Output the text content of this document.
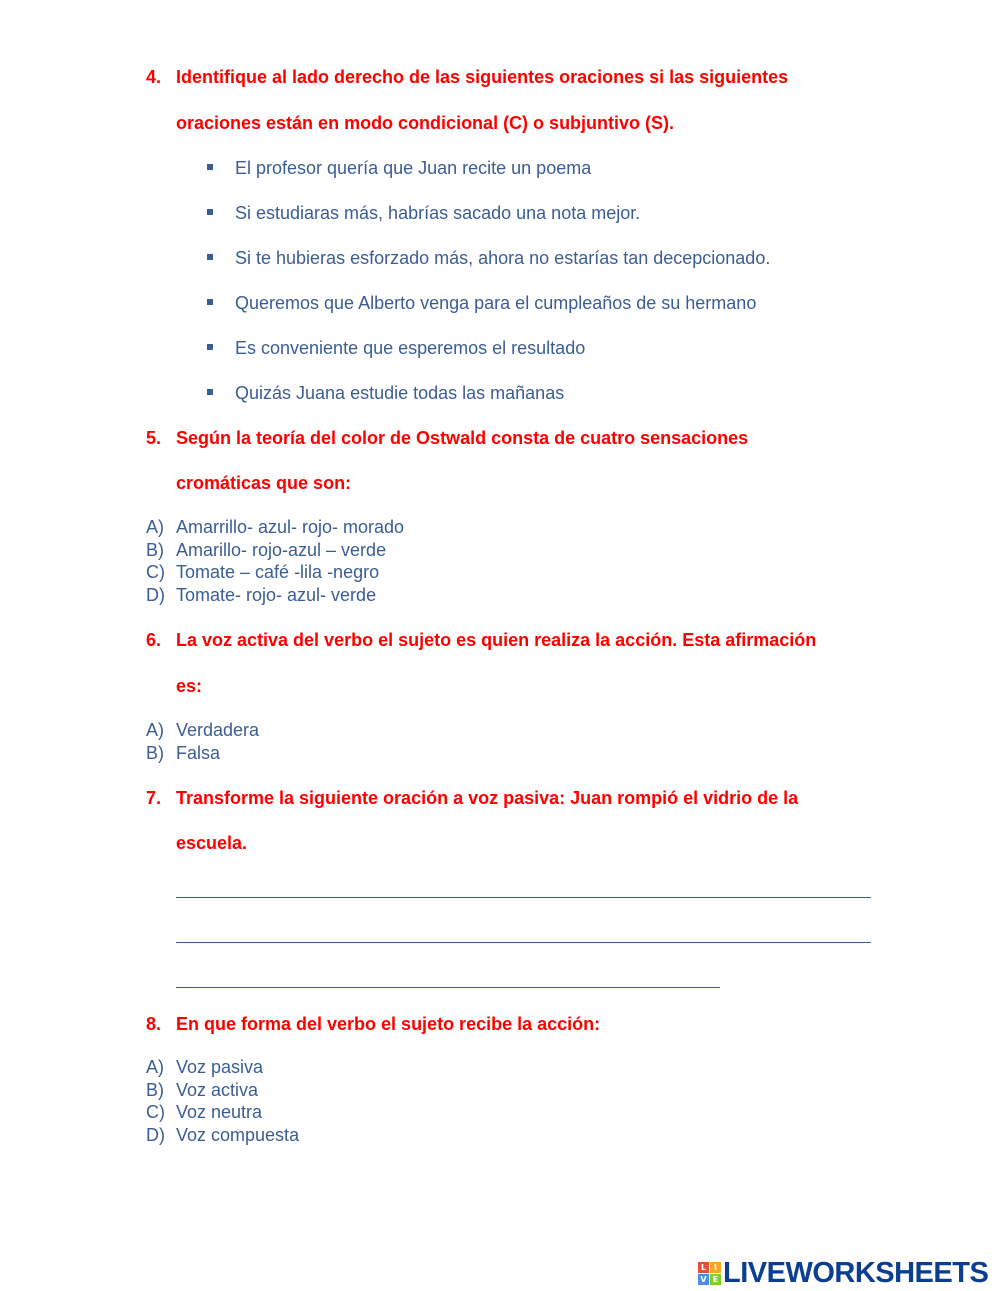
4. Identifique al lado derecho de las siguientes oraciones si las siguientes
oraciones están en modo condicional (C) o subjuntivo (S).
El profesor quería que Juan recite un poema
Si estudiaras más, habrías sacado una nota mejor.
Si te hubieras esforzado más, ahora no estarías tan decepcionado.
Queremos que Alberto venga para el cumpleaños de su hermano
Es conveniente que esperemos el resultado
Quizás Juana estudie todas las mañanas
5. Según la teoría del color de Ostwald consta de cuatro sensaciones
cromáticas que son:
A) Amarrillo- azul- rojo- morado
B) Amarillo- rojo-azul – verde
C) Tomate – café -lila -negro
D) Tomate- rojo- azul- verde
6. La voz activa del verbo el sujeto es quien realiza la acción. Esta afirmación
es:
A) Verdadera
B) Falsa
7. Transforme la siguiente oración a voz pasiva: Juan rompió el vidrio de la
escuela.
8. En que forma del verbo el sujeto recibe la acción:
A) Voz pasiva
B) Voz activa
C) Voz neutra
D) Voz compuesta
L I
V E LIVEWORKSHEETS
